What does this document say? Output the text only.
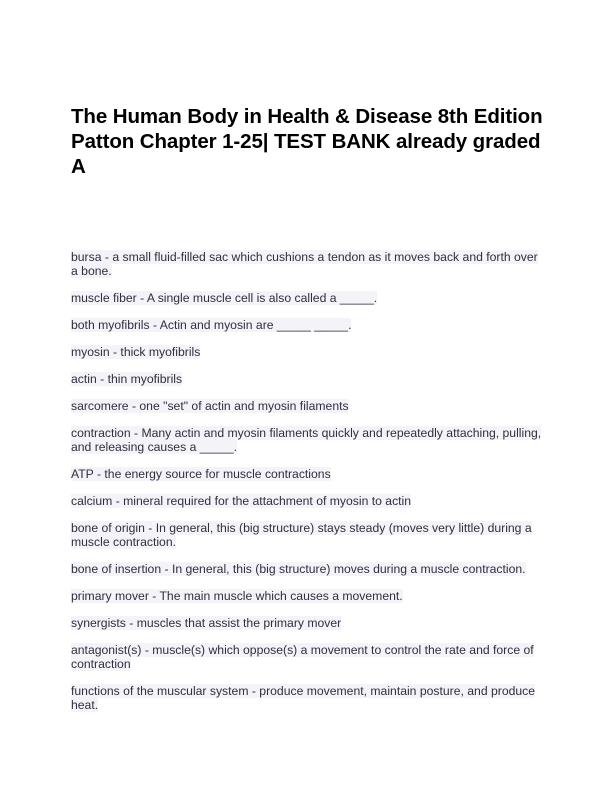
The Human Body in Health & Disease 8th Edition Patton Chapter 1-25| TEST BANK already graded A
bursa - a small fluid-filled sac which cushions a tendon as it moves back and forth over a bone.
muscle fiber - A single muscle cell is also called a _____.
both myofibrils - Actin and myosin are _____ _____.
myosin - thick myofibrils
actin - thin myofibrils
sarcomere - one "set" of actin and myosin filaments
contraction - Many actin and myosin filaments quickly and repeatedly attaching, pulling, and releasing causes a _____.
ATP - the energy source for muscle contractions
calcium - mineral required for the attachment of myosin to actin
bone of origin - In general, this (big structure) stays steady (moves very little) during a muscle contraction.
bone of insertion - In general, this (big structure) moves during a muscle contraction.
primary mover - The main muscle which causes a movement.
synergists - muscles that assist the primary mover
antagonist(s) - muscle(s) which oppose(s) a movement to control the rate and force of contraction
functions of the muscular system - produce movement, maintain posture, and produce heat.
